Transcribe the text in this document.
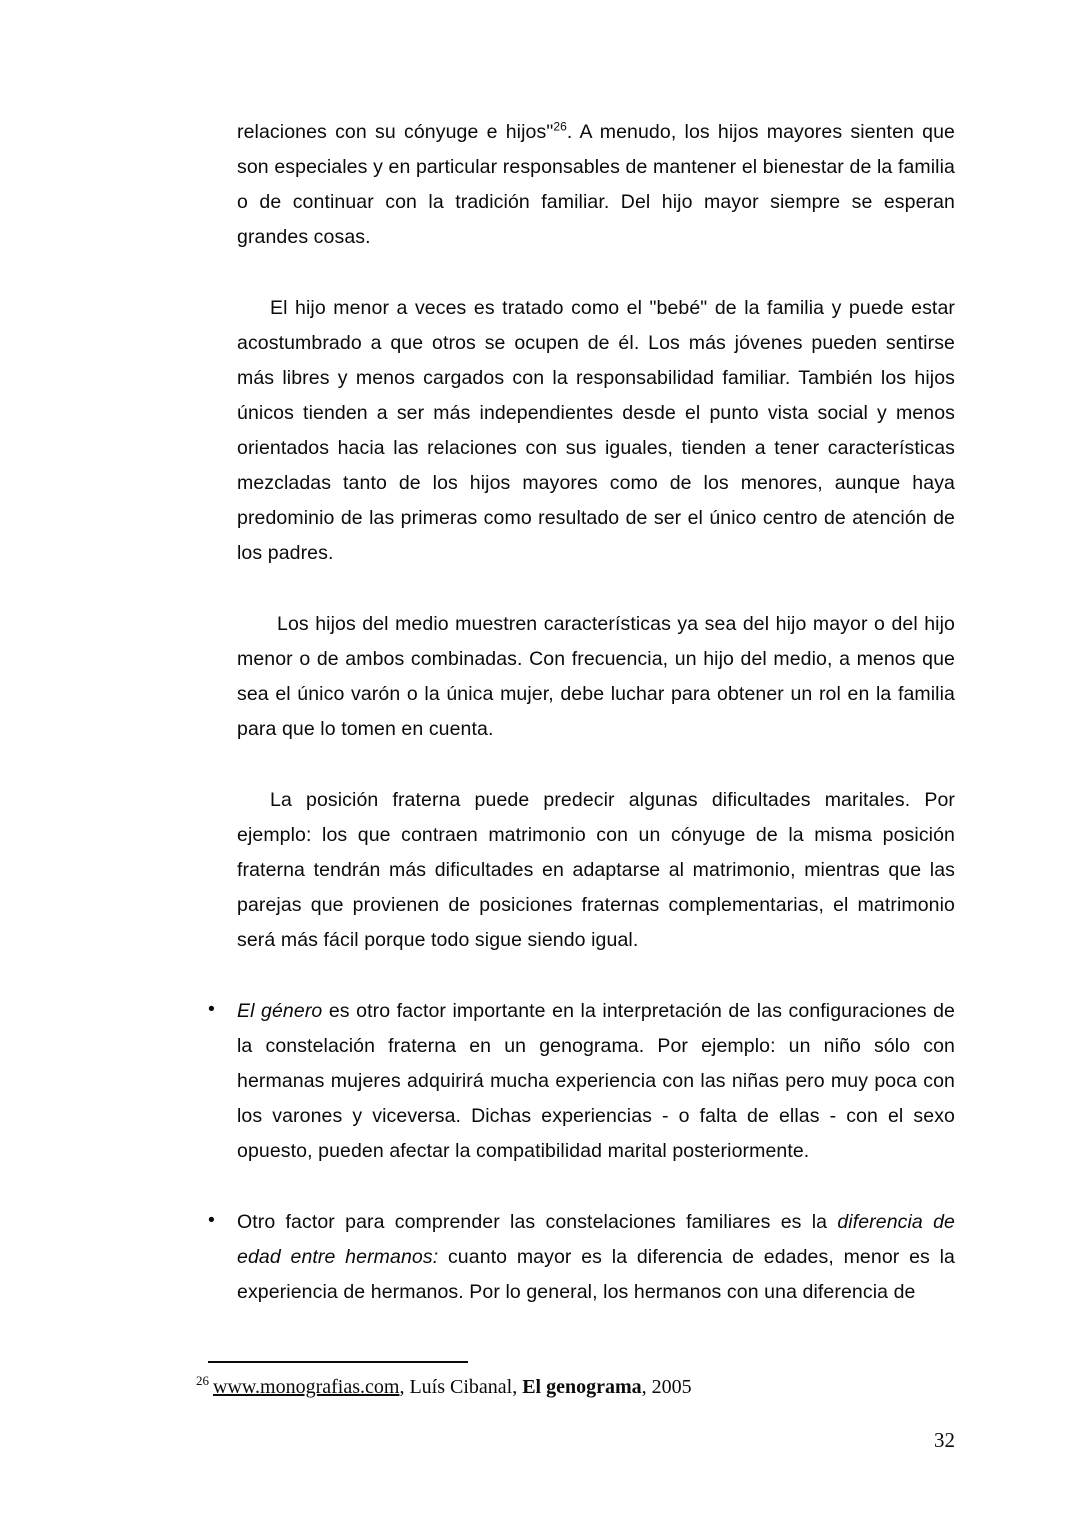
relaciones con su cónyuge e hijos"$^{26}$. A menudo, los hijos mayores sienten que son especiales y en particular responsables de mantener el bienestar de la familia o de continuar con la tradición familiar. Del hijo mayor siempre se esperan grandes cosas.

El hijo menor a veces es tratado como el "bebé" de la familia y puede estar acostumbrado a que otros se ocupen de él. Los más jóvenes pueden sentirse más libres y menos cargados con la responsabilidad familiar. También los hijos únicos tienden a ser más independientes desde el punto vista social y menos orientados hacia las relaciones con sus iguales, tienden a tener características mezcladas tanto de los hijos mayores como de los menores, aunque haya predominio de las primeras como resultado de ser el único centro de atención de los padres.

Los hijos del medio muestren características ya sea del hijo mayor o del hijo menor o de ambos combinadas. Con frecuencia, un hijo del medio, a menos que sea el único varón o la única mujer, debe luchar para obtener un rol en la familia para que lo tomen en cuenta.

La posición fraterna puede predecir algunas dificultades maritales. Por ejemplo: los que contraen matrimonio con un cónyuge de la misma posición fraterna tendrán más dificultades en adaptarse al matrimonio, mientras que las parejas que provienen de posiciones fraternas complementarias, el matrimonio será más fácil porque todo sigue siendo igual.

• El género es otro factor importante en la interpretación de las configuraciones de la constelación fraterna en un genograma. Por ejemplo: un niño sólo con hermanas mujeres adquirirá mucha experiencia con las niñas pero muy poca con los varones y viceversa. Dichas experiencias - o falta de ellas - con el sexo opuesto, pueden afectar la compatibilidad marital posteriormente.

• Otro factor para comprender las constelaciones familiares es la diferencia de edad entre hermanos: cuanto mayor es la diferencia de edades, menor es la experiencia de hermanos. Por lo general, los hermanos con una diferencia de

$^{26}$ www.monografias.com, Luís Cibanal, El genograma, 2005
32
